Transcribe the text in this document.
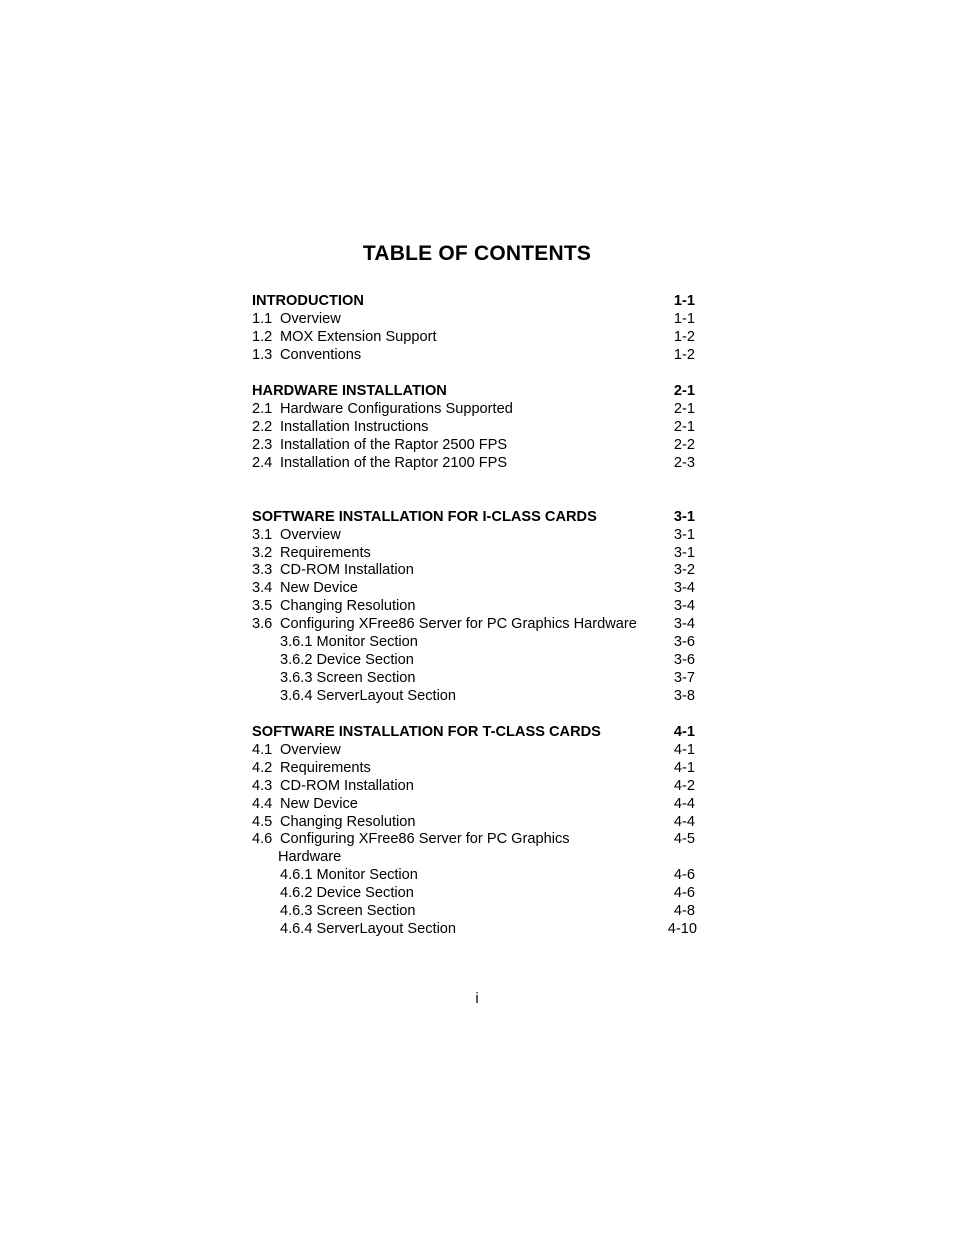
TABLE OF CONTENTS
INTRODUCTION	1-1
1.1 Overview	1-1
1.2 MOX Extension Support	1-2
1.3 Conventions	1-2
HARDWARE INSTALLATION	2-1
2.1 Hardware Configurations Supported	2-1
2.2 Installation Instructions	2-1
2.3 Installation of the Raptor 2500 FPS	2-2
2.4 Installation of the Raptor 2100 FPS	2-3
SOFTWARE INSTALLATION FOR I-CLASS CARDS	3-1
3.1 Overview	3-1
3.2 Requirements	3-1
3.3 CD-ROM Installation	3-2
3.4 New Device	3-4
3.5 Changing Resolution	3-4
3.6 Configuring XFree86 Server for PC Graphics Hardware	3-4
3.6.1 Monitor Section	3-6
3.6.2 Device Section	3-6
3.6.3 Screen Section	3-7
3.6.4 ServerLayout Section	3-8
SOFTWARE INSTALLATION FOR T-CLASS CARDS	4-1
4.1 Overview	4-1
4.2 Requirements	4-1
4.3 CD-ROM Installation	4-2
4.4 New Device	4-4
4.5 Changing Resolution	4-4
4.6 Configuring XFree86 Server for PC Graphics	4-5
Hardware
4.6.1 Monitor Section	4-6
4.6.2 Device Section	4-6
4.6.3 Screen Section	4-8
4.6.4 ServerLayout Section	4-10
i
